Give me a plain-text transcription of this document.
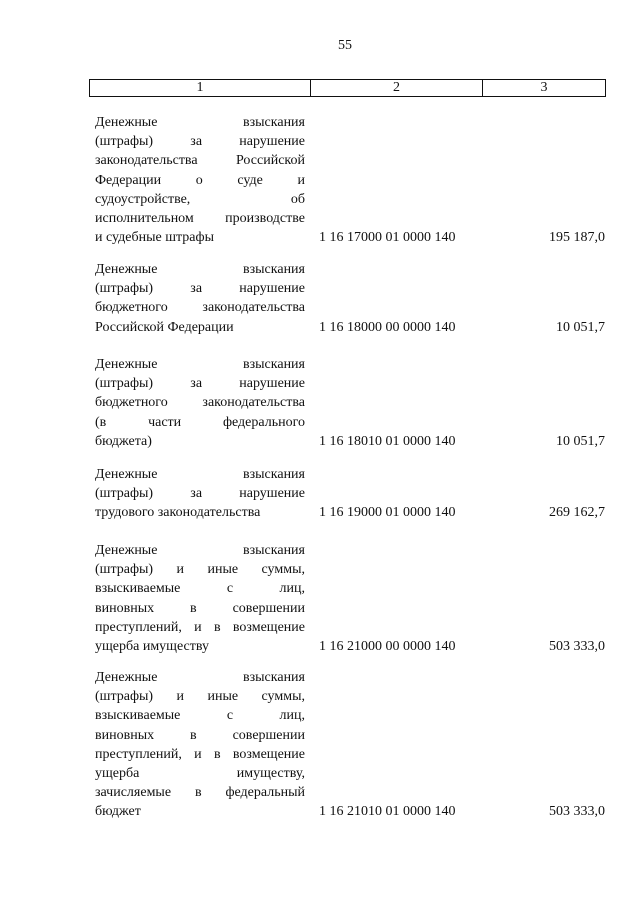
55
1	2	3
Денежные взыскания
(штрафы) за нарушение
законодательства Российской
Федерации о суде и
судоустройстве, об
исполнительном производстве
и судебные штрафы	1 16 17000 01 0000 140	195 187,0
Денежные взыскания
(штрафы) за нарушение
бюджетного законодательства
Российской Федерации	1 16 18000 00 0000 140	10 051,7
Денежные взыскания
(штрафы) за нарушение
бюджетного законодательства
(в части федерального
бюджета)	1 16 18010 01 0000 140	10 051,7
Денежные взыскания
(штрафы) за нарушение
трудового законодательства	1 16 19000 01 0000 140	269 162,7
Денежные взыскания
(штрафы) и иные суммы,
взыскиваемые с лиц,
виновных в совершении
преступлений, и в возмещение
ущерба имуществу	1 16 21000 00 0000 140	503 333,0
Денежные взыскания
(штрафы) и иные суммы,
взыскиваемые с лиц,
виновных в совершении
преступлений, и в возмещение
ущерба имуществу,
зачисляемые в федеральный
бюджет	1 16 21010 01 0000 140	503 333,0
